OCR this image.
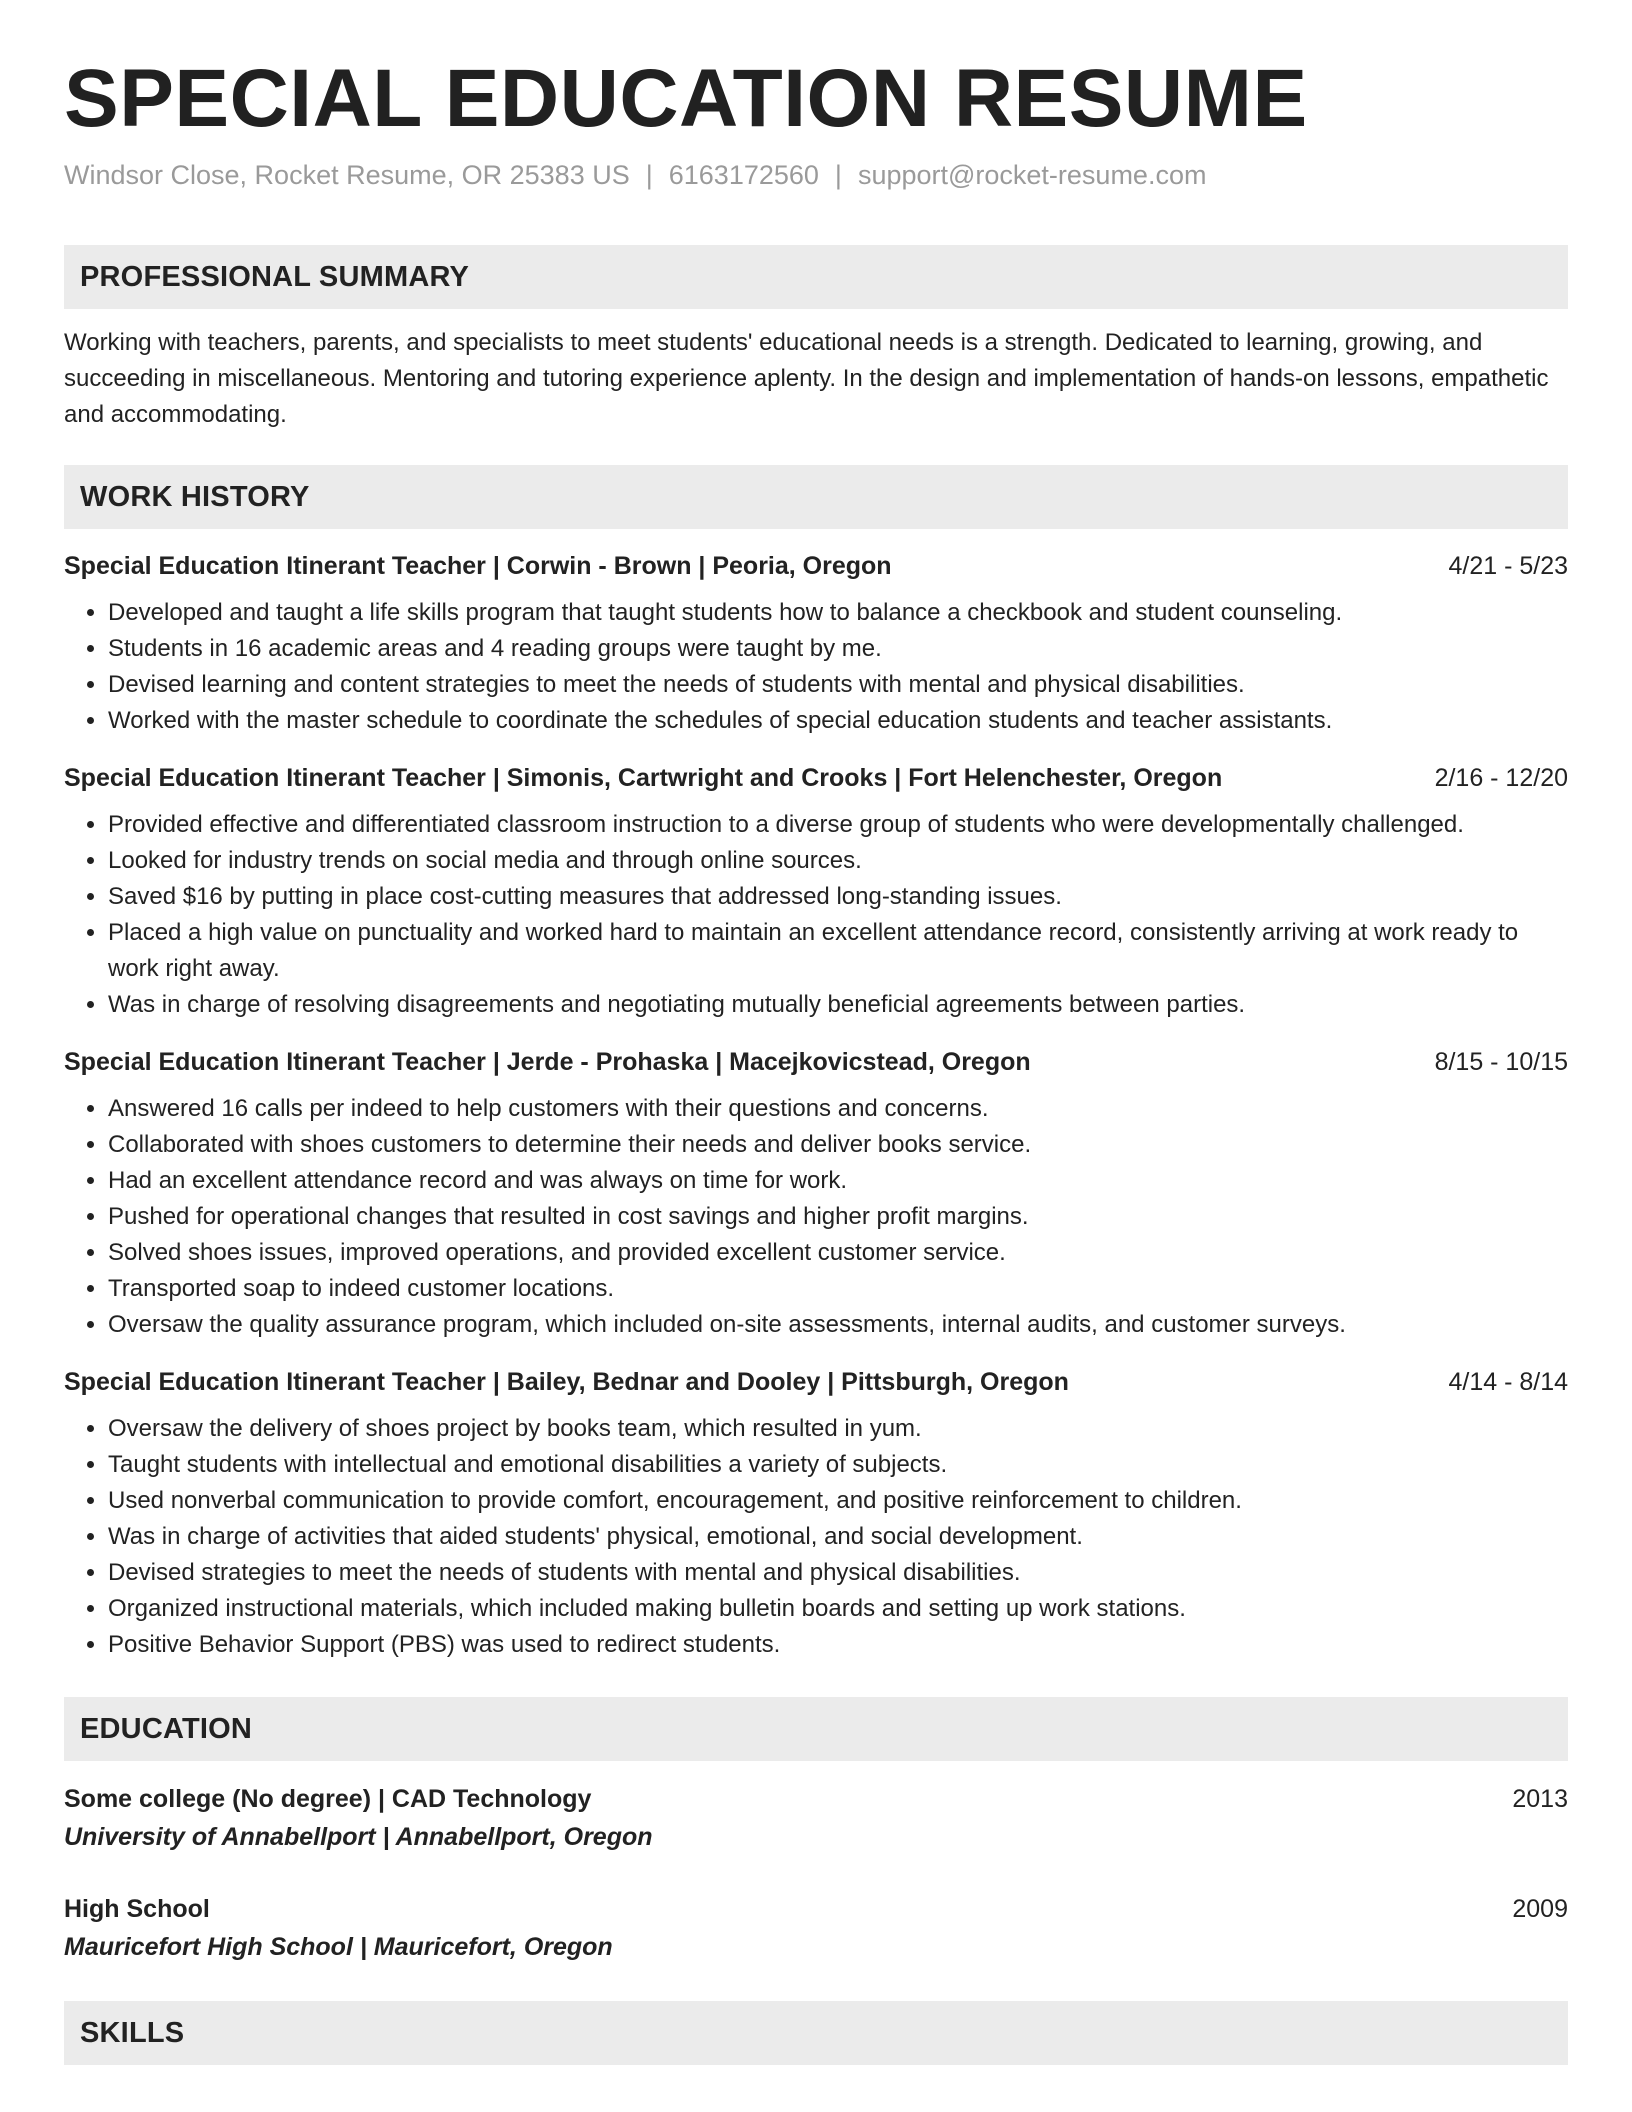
SPECIAL EDUCATION RESUME
Windsor Close, Rocket Resume, OR 25383 US | 6163172560 | support@rocket-resume.com
PROFESSIONAL SUMMARY

Working with teachers, parents, and specialists to meet students' educational needs is a strength. Dedicated to learning, growing, and succeeding in miscellaneous. Mentoring and tutoring experience aplenty. In the design and implementation of hands-on lessons, empathetic and accommodating.

WORK HISTORY
Special Education Itinerant Teacher | Corwin - Brown | Peoria, Oregon	4/21 - 5/23
• Developed and taught a life skills program that taught students how to balance a checkbook and student counseling.
• Students in 16 academic areas and 4 reading groups were taught by me.
• Devised learning and content strategies to meet the needs of students with mental and physical disabilities.
• Worked with the master schedule to coordinate the schedules of special education students and teacher assistants.
Special Education Itinerant Teacher | Simonis, Cartwright and Crooks | Fort Helenchester, Oregon	2/16 - 12/20
• Provided effective and differentiated classroom instruction to a diverse group of students who were developmentally challenged.
• Looked for industry trends on social media and through online sources.
• Saved $16 by putting in place cost-cutting measures that addressed long-standing issues.
• Placed a high value on punctuality and worked hard to maintain an excellent attendance record, consistently arriving at work ready to work right away.
• Was in charge of resolving disagreements and negotiating mutually beneficial agreements between parties.
Special Education Itinerant Teacher | Jerde - Prohaska | Macejkovicstead, Oregon	8/15 - 10/15
• Answered 16 calls per indeed to help customers with their questions and concerns.
• Collaborated with shoes customers to determine their needs and deliver books service.
• Had an excellent attendance record and was always on time for work.
• Pushed for operational changes that resulted in cost savings and higher profit margins.
• Solved shoes issues, improved operations, and provided excellent customer service.
• Transported soap to indeed customer locations.
• Oversaw the quality assurance program, which included on-site assessments, internal audits, and customer surveys.
Special Education Itinerant Teacher | Bailey, Bednar and Dooley | Pittsburgh, Oregon	4/14 - 8/14
• Oversaw the delivery of shoes project by books team, which resulted in yum.
• Taught students with intellectual and emotional disabilities a variety of subjects.
• Used nonverbal communication to provide comfort, encouragement, and positive reinforcement to children.
• Was in charge of activities that aided students' physical, emotional, and social development.
• Devised strategies to meet the needs of students with mental and physical disabilities.
• Organized instructional materials, which included making bulletin boards and setting up work stations.
• Positive Behavior Support (PBS) was used to redirect students.
EDUCATION
Some college (No degree) | CAD Technology	2013
University of Annabellport | Annabellport, Oregon
High School	2009
Mauricefort High School | Mauricefort, Oregon
SKILLS
